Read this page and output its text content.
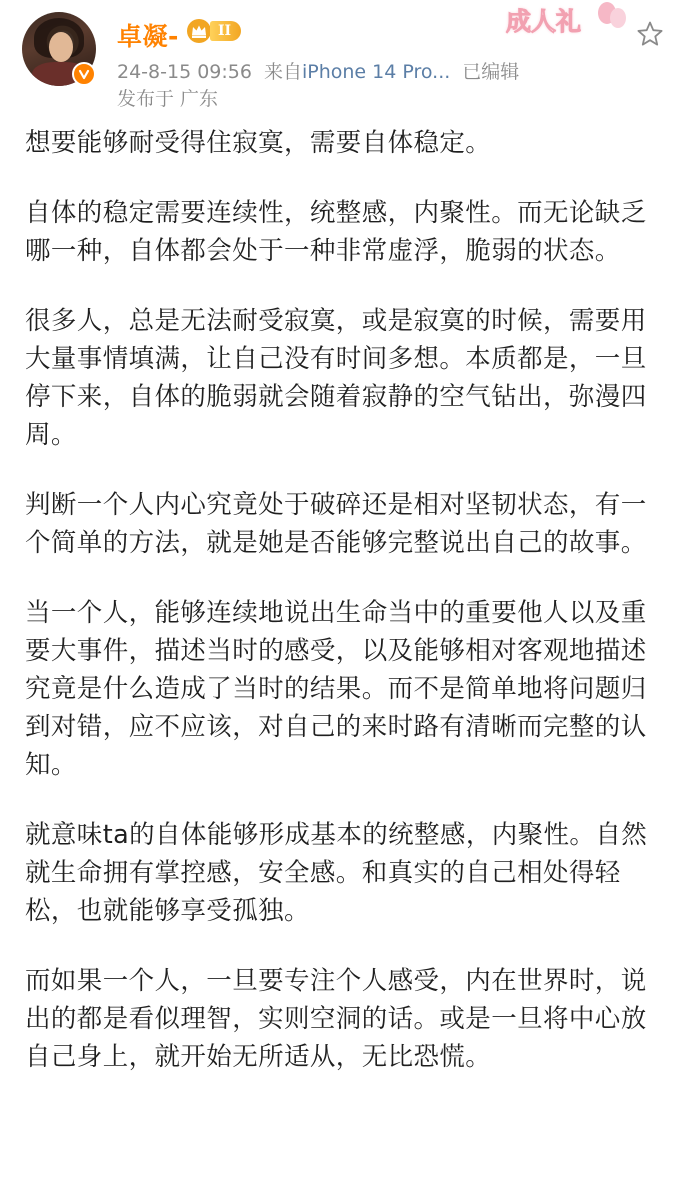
卓凝-	II
24-8-15 09:56 来自iPhone 14 Pro... 已编辑
发布于 广东
成人礼

想要能够耐受得住寂寞，需要自体稳定。

自体的稳定需要连续性，统整感，内聚性。而无论缺乏哪一种，自体都会处于一种非常虚浮，脆弱的状态。

很多人，总是无法耐受寂寞，或是寂寞的时候，需要用大量事情填满，让自己没有时间多想。本质都是，一旦停下来，自体的脆弱就会随着寂静的空气钻出，弥漫四周。

判断一个人内心究竟处于破碎还是相对坚韧状态，有一个简单的方法，就是她是否能够完整说出自己的故事。

当一个人，能够连续地说出生命当中的重要他人以及重要大事件，描述当时的感受，以及能够相对客观地描述究竟是什么造成了当时的结果。而不是简单地将问题归到对错，应不应该，对自己的来时路有清晰而完整的认知。

就意味ta的自体能够形成基本的统整感，内聚性。自然就生命拥有掌控感，安全感。和真实的自己相处得轻松，也就能够享受孤独。

而如果一个人，一旦要专注个人感受，内在世界时，说出的都是看似理智，实则空洞的话。或是一旦将中心放自己身上，就开始无所适从，无比恐慌。
